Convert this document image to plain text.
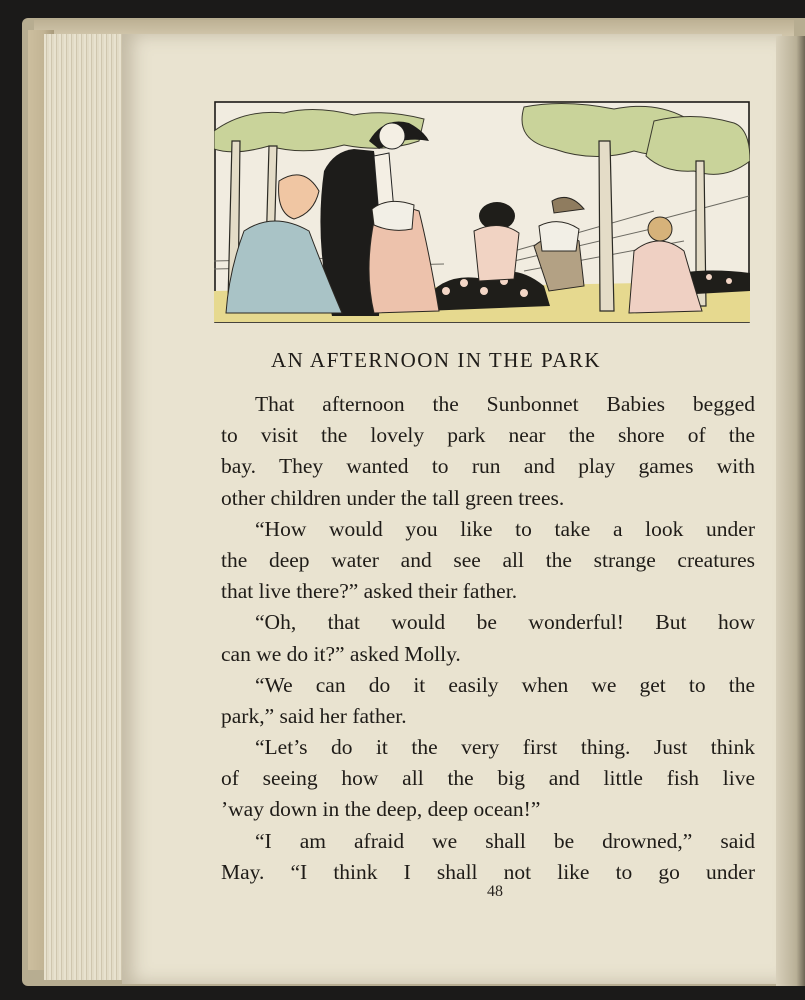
AN AFTERNOON IN THE PARK
That afternoon the Sunbonnet Babies begged
to visit the lovely park near the shore of the
bay. They wanted to run and play games with
other children under the tall green trees.
“How would you like to take a look under
the deep water and see all the strange creatures
that live there?” asked their father.
“Oh, that would be wonderful! But how
can we do it?” asked Molly.
“We can do it easily when we get to the
park,” said her father.
“Let’s do it the very first thing. Just think
of seeing how all the big and little fish live
’way down in the deep, deep ocean!”
“I am afraid we shall be drowned,” said
May. “I think I shall not like to go under
48
